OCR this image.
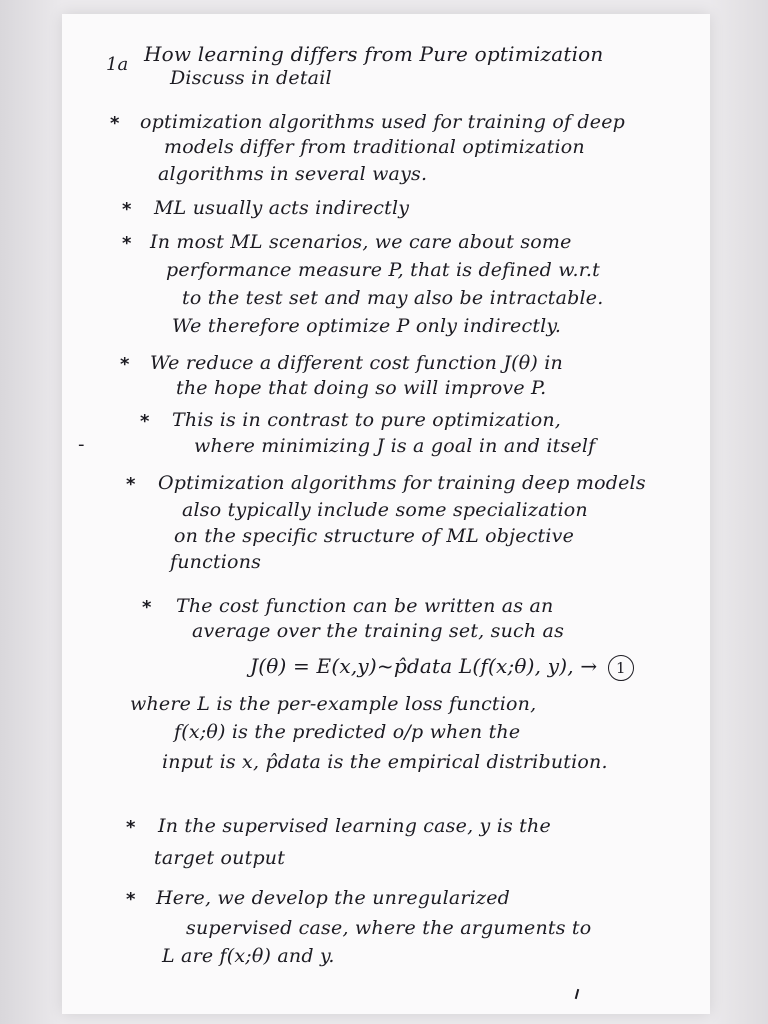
1a How learning differs from Pure optimization
Discuss in detail
* optimization algorithms used for training of deep
models differ from traditional optimization
algorithms in several ways.
* ML usually acts indirectly
* In most ML scenarios, we care about some
performance measure P, that is defined w.r.t
to the test set and may also be intractable.
We therefore optimize P only indirectly.
* We reduce a different cost function J(θ) in
the hope that doing so will improve P.
* This is in contrast to pure optimization,
-	where minimizing J is a goal in and itself
* Optimization algorithms for training deep models
also typically include some specialization
on the specific structure of ML objective
functions
* The cost function can be written as an
average over the training set, such as
J(θ) = E(x,y)~p̂data L(f(x;θ), y), → 1
where L is the per-example loss function,
f(x;θ) is the predicted o/p when the
input is x, p̂data is the empirical distribution.
* In the supervised learning case, y is the
target output
* Here, we develop the unregularized
supervised case, where the arguments to
L are f(x;θ) and y.
